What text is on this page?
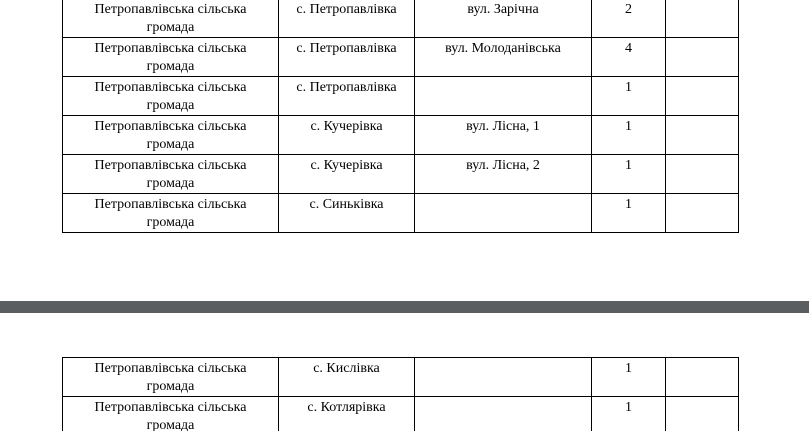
Петропавлівська сільська
громада	с. Петропавлівка	вул. Зарічна	2	

Петропавлівська сільська
громада	с. Петропавлівка	вул. Молоданівська	4	

Петропавлівська сільська
громада	с. Петропавлівка		1	

Петропавлівська сільська
громада	с. Кучерівка	вул. Лісна, 1	1	

Петропавлівська сільська
громада	с. Кучерівка	вул. Лісна, 2	1	

Петропавлівська сільська
громада	с. Синьківка		1	
Петропавлівська сільська
громада	с. Кислівка		1	

Петропавлівська сільська
громада	с. Котлярівка		1	
